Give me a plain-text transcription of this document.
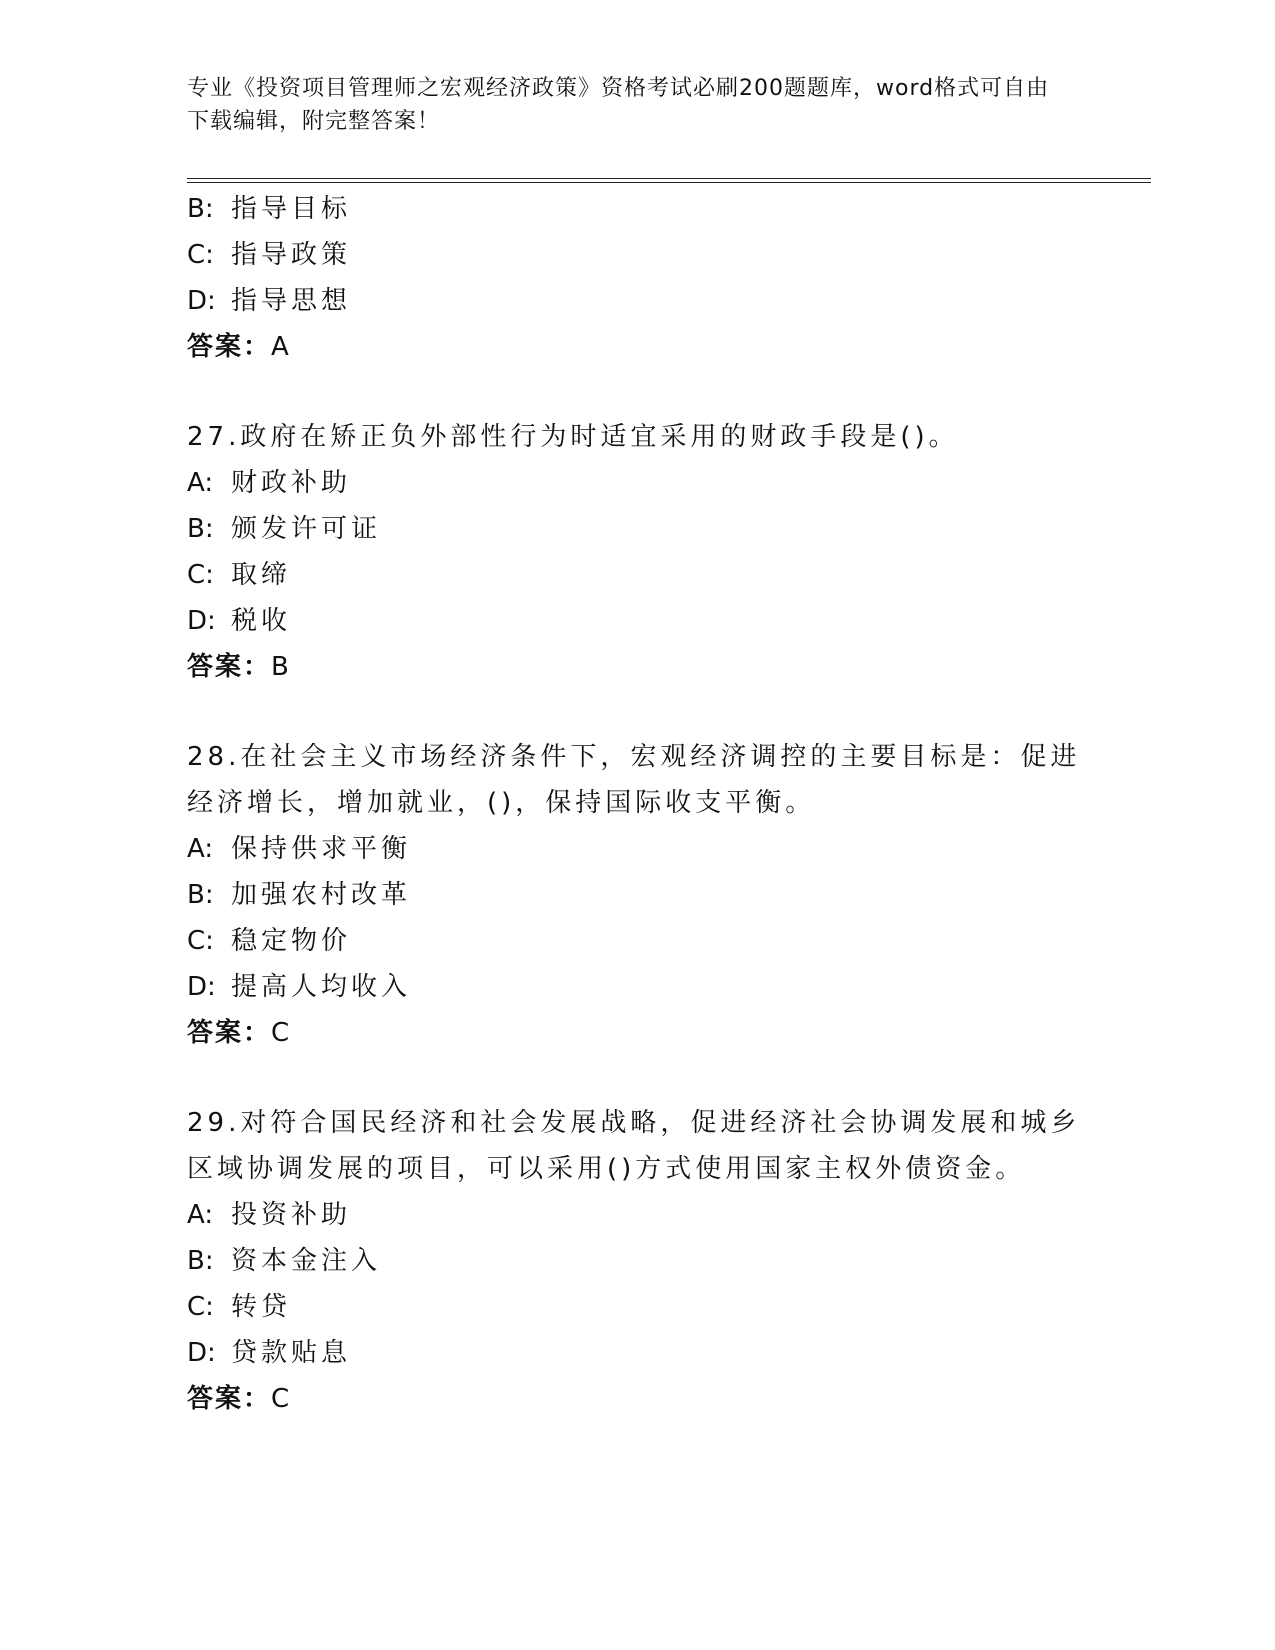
专业《投资项目管理师之宏观经济政策》资格考试必刷200题题库，word格式可自由下载编辑，附完整答案！
B: 指导目标
C: 指导政策
D: 指导思想
答案：A
27.政府在矫正负外部性行为时适宜采用的财政手段是()。
A: 财政补助
B: 颁发许可证
C: 取缔
D: 税收
答案：B
28.在社会主义市场经济条件下，宏观经济调控的主要目标是：促进经济增长，增加就业，()，保持国际收支平衡。
A: 保持供求平衡
B: 加强农村改革
C: 稳定物价
D: 提高人均收入
答案：C
29.对符合国民经济和社会发展战略，促进经济社会协调发展和城乡区域协调发展的项目，可以采用()方式使用国家主权外债资金。
A: 投资补助
B: 资本金注入
C: 转贷
D: 贷款贴息
答案：C
